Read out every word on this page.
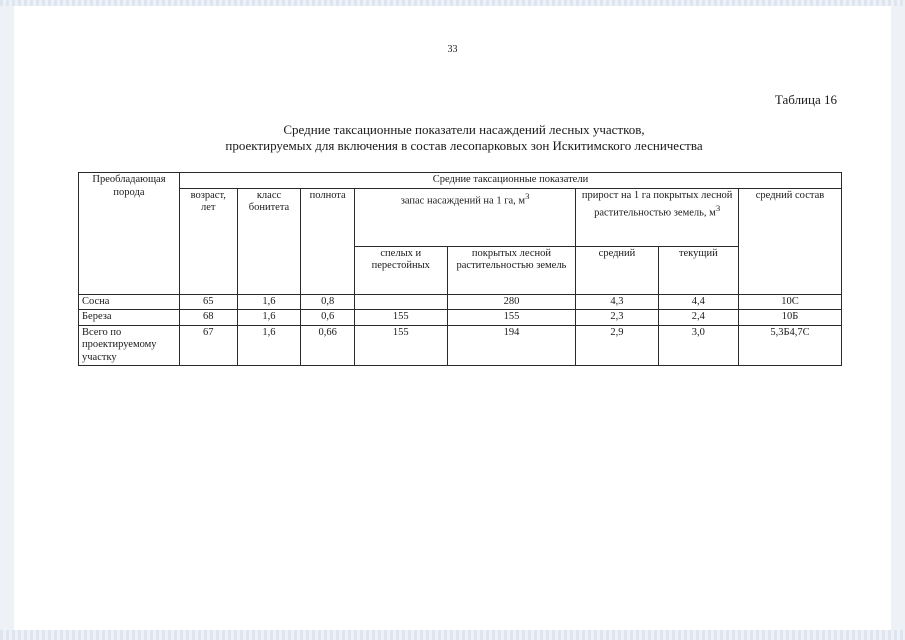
33
Таблица 16
Средние таксационные показатели насаждений лесных участков,
проектируемых для включения в состав лесопарковых зон Искитимского лесничества
Преобладающая порода	Средние таксационные показатели							
	возраст, лет	класс бонитета	полнота	запас насаждений на 1 га, $м^3$		прирост на 1 га покрытых лесной растительностью земель, $м^3$		средний состав
				спелых и перестойных	покрытых лесной растительностью земель	средний	текущий	
Сосна	65	1,6	0,8		280	4,3	4,4	10С
Береза	68	1,6	0,6	155	155	2,3	2,4	10Б
Всего по проектируемому участку	67	1,6	0,66	155	194	2,9	3,0	5,3Б4,7С
